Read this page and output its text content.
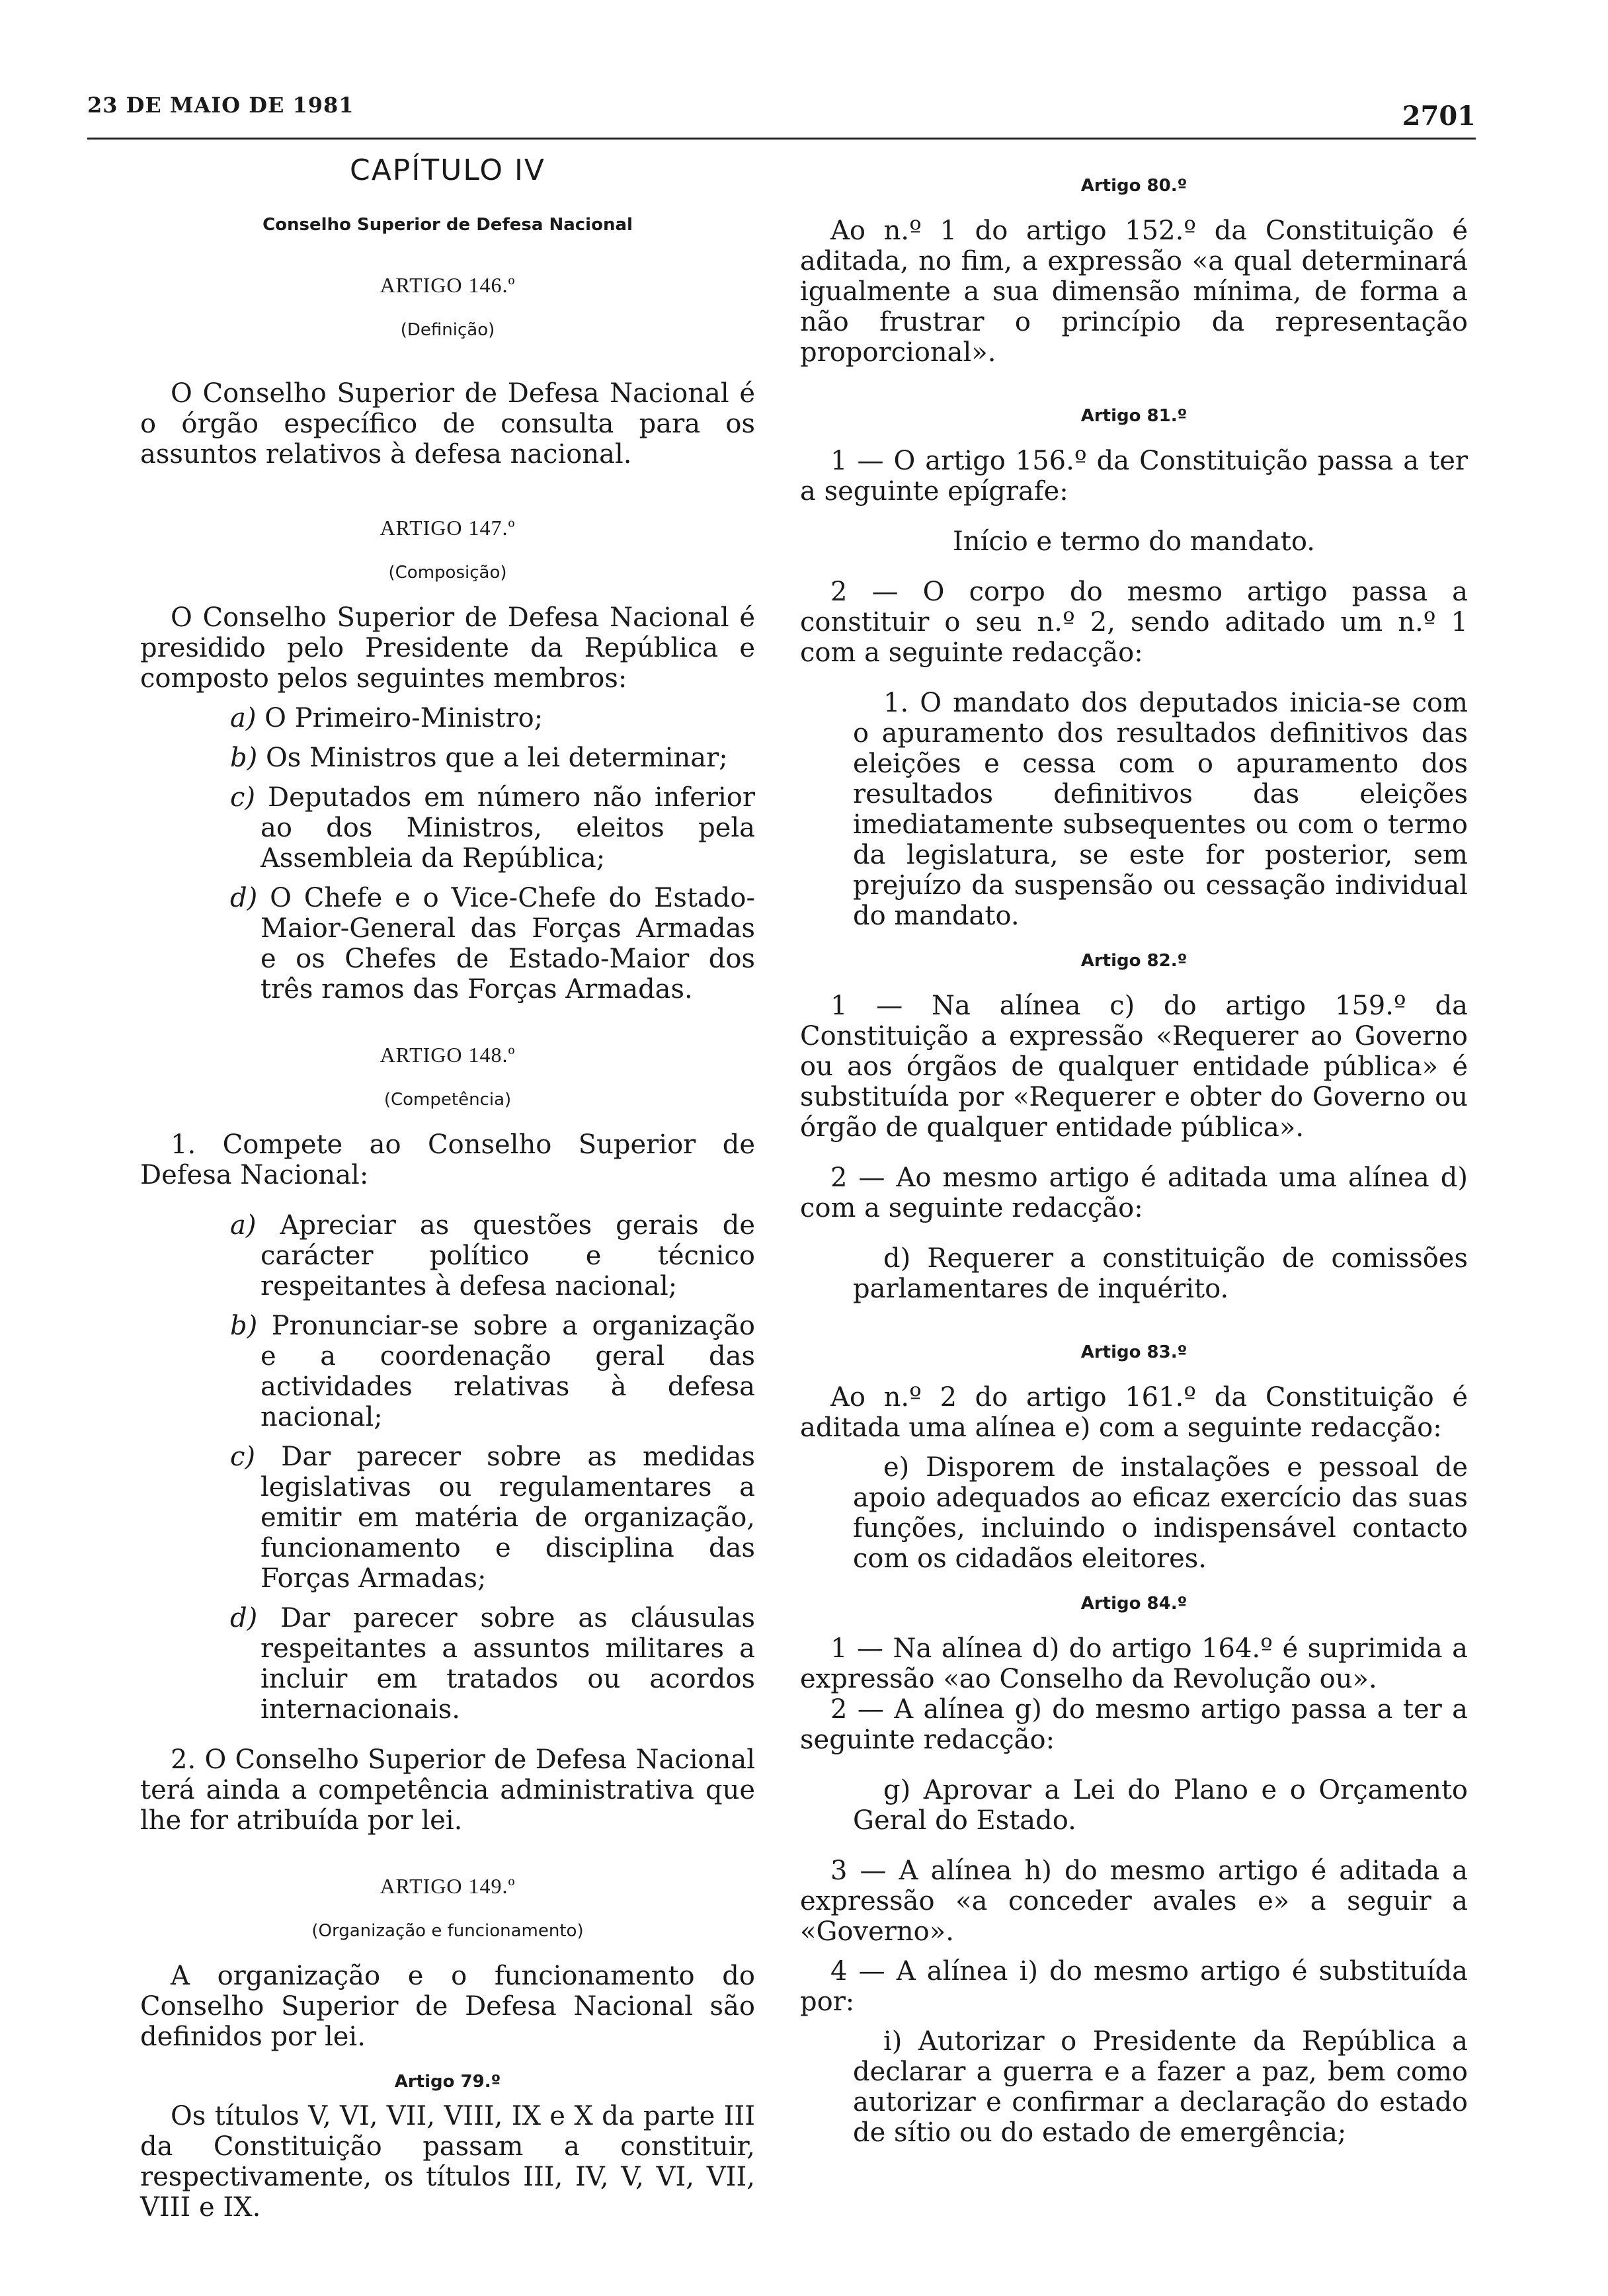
23 DE MAIO DE 1981	2701
CAPÍTULO IV
Conselho Superior de Defesa Nacional
ARTIGO 146.º
(Definição)

O Conselho Superior de Defesa Nacional é o órgão específico de consulta para os assuntos relativos à defesa nacional.

ARTIGO 147.º
(Composição)

O Conselho Superior de Defesa Nacional é presidido pelo Presidente da República e composto pelos seguintes membros:

a) O Primeiro-Ministro;
b) Os Ministros que a lei determinar;
c) Deputados em número não inferior ao dos Ministros, eleitos pela Assembleia da República;
d) O Chefe e o Vice-Chefe do Estado-Maior-General das Forças Armadas e os Chefes de Estado-Maior dos três ramos das Forças Armadas.
ARTIGO 148.º
(Competência)

1. Compete ao Conselho Superior de Defesa Nacional:

a) Apreciar as questões gerais de carácter político e técnico respeitantes à defesa nacional;
b) Pronunciar-se sobre a organização e a coordenação geral das actividades relativas à defesa nacional;
c) Dar parecer sobre as medidas legislativas ou regulamentares a emitir em matéria de organização, funcionamento e disciplina das Forças Armadas;
d) Dar parecer sobre as cláusulas respeitantes a assuntos militares a incluir em tratados ou acordos internacionais.

2. O Conselho Superior de Defesa Nacional terá ainda a competência administrativa que lhe for atribuída por lei.

ARTIGO 149.º
(Organização e funcionamento)

A organização e o funcionamento do Conselho Superior de Defesa Nacional são definidos por lei.

Artigo 79.º

Os títulos V, VI, VII, VIII, IX e X da parte III da Constituição passam a constituir, respectivamente, os títulos III, IV, V, VI, VII, VIII e IX.

Artigo 80.º

Ao n.º 1 do artigo 152.º da Constituição é aditada, no fim, a expressão «a qual determinará igualmente a sua dimensão mínima, de forma a não frustrar o princípio da representação proporcional».

Artigo 81.º

1 — O artigo 156.º da Constituição passa a ter a seguinte epígrafe:

Início e termo do mandato.

2 — O corpo do mesmo artigo passa a constituir o seu n.º 2, sendo aditado um n.º 1 com a seguinte redacção:

1. O mandato dos deputados inicia-se com o apuramento dos resultados definitivos das eleições e cessa com o apuramento dos resultados definitivos das eleições imediatamente subsequentes ou com o termo da legislatura, se este for posterior, sem prejuízo da suspensão ou cessação individual do mandato.

Artigo 82.º

1 — Na alínea c) do artigo 159.º da Constituição a expressão «Requerer ao Governo ou aos órgãos de qualquer entidade pública» é substituída por «Requerer e obter do Governo ou órgão de qualquer entidade pública».

2 — Ao mesmo artigo é aditada uma alínea d) com a seguinte redacção:

d) Requerer a constituição de comissões parlamentares de inquérito.

Artigo 83.º

Ao n.º 2 do artigo 161.º da Constituição é aditada uma alínea e) com a seguinte redacção:

e) Disporem de instalações e pessoal de apoio adequados ao eficaz exercício das suas funções, incluindo o indispensável contacto com os cidadãos eleitores.

Artigo 84.º

1 — Na alínea d) do artigo 164.º é suprimida a expressão «ao Conselho da Revolução ou».

2 — A alínea g) do mesmo artigo passa a ter a seguinte redacção:

g) Aprovar a Lei do Plano e o Orçamento Geral do Estado.

3 — A alínea h) do mesmo artigo é aditada a expressão «a conceder avales e» a seguir a «Governo».

4 — A alínea i) do mesmo artigo é substituída por:

i) Autorizar o Presidente da República a declarar a guerra e a fazer a paz, bem como autorizar e confirmar a declaração do estado de sítio ou do estado de emergência;
